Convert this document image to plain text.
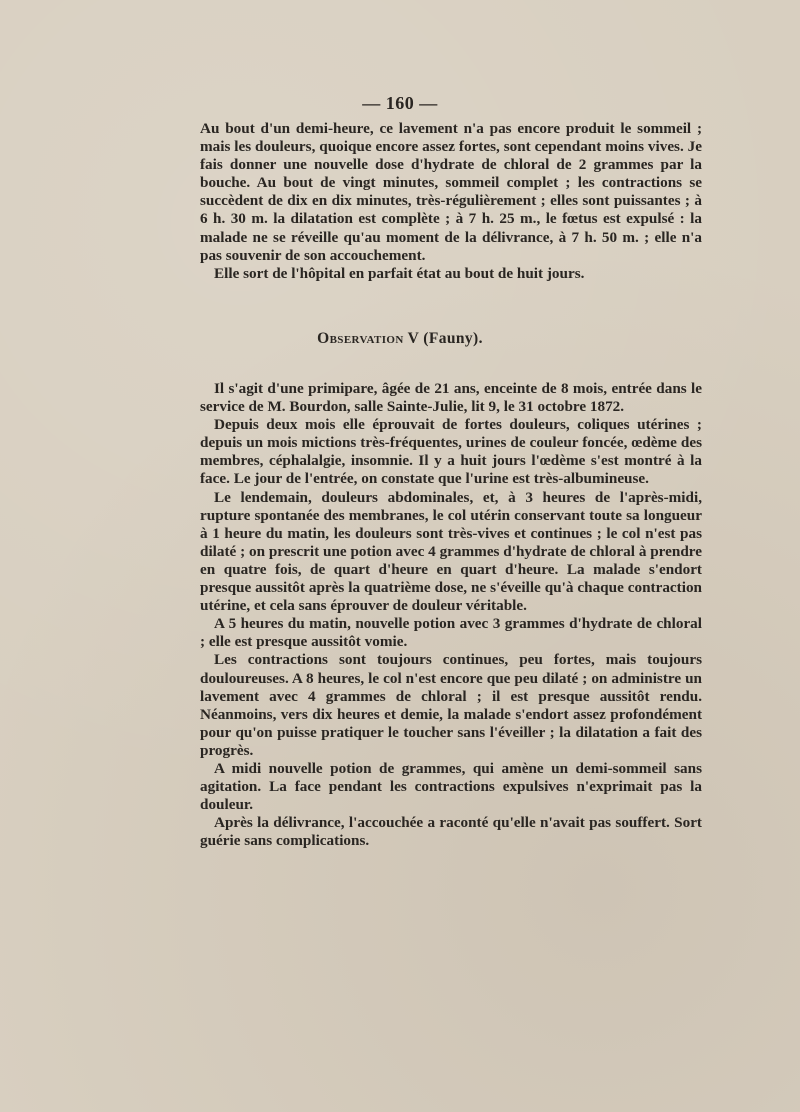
— 160 —

Au bout d'un demi-heure, ce lavement n'a pas encore produit le sommeil ; mais les douleurs, quoique encore assez fortes, sont cependant moins vives. Je fais donner une nouvelle dose d'hydrate de chloral de 2 grammes par la bouche. Au bout de vingt minutes, sommeil complet ; les contractions se succèdent de dix en dix minutes, très-régulièrement ; elles sont puissantes ; à 6 h. 30 m. la dilatation est complète ; à 7 h. 25 m., le fœtus est expulsé : la malade ne se réveille qu'au moment de la délivrance, à 7 h. 50 m. ; elle n'a pas souvenir de son accouchement.

Elle sort de l'hôpital en parfait état au bout de huit jours.

Observation V (Fauny).

Il s'agit d'une primipare, âgée de 21 ans, enceinte de 8 mois, entrée dans le service de M. Bourdon, salle Sainte-Julie, lit 9, le 31 octobre 1872.

Depuis deux mois elle éprouvait de fortes douleurs, coliques utérines ; depuis un mois mictions très-fréquentes, urines de couleur foncée, œdème des membres, céphalalgie, insomnie. Il y a huit jours l'œdème s'est montré à la face. Le jour de l'entrée, on constate que l'urine est très-albumineuse.

Le lendemain, douleurs abdominales, et, à 3 heures de l'après-midi, rupture spontanée des membranes, le col utérin conservant toute sa longueur à 1 heure du matin, les douleurs sont très-vives et continues ; le col n'est pas dilaté ; on prescrit une potion avec 4 grammes d'hydrate de chloral à prendre en quatre fois, de quart d'heure en quart d'heure. La malade s'endort presque aussitôt après la quatrième dose, ne s'éveille qu'à chaque contraction utérine, et cela sans éprouver de douleur véritable.

A 5 heures du matin, nouvelle potion avec 3 grammes d'hydrate de chloral ; elle est presque aussitôt vomie.

Les contractions sont toujours continues, peu fortes, mais toujours douloureuses. A 8 heures, le col n'est encore que peu dilaté ; on administre un lavement avec 4 grammes de chloral ; il est presque aussitôt rendu. Néanmoins, vers dix heures et demie, la malade s'endort assez profondément pour qu'on puisse pratiquer le toucher sans l'éveiller ; la dilatation a fait des progrès.

A midi nouvelle potion de grammes, qui amène un demi-sommeil sans agitation. La face pendant les contractions expulsives n'exprimait pas la douleur.

Après la délivrance, l'accouchée a raconté qu'elle n'avait pas souffert. Sort guérie sans complications.
